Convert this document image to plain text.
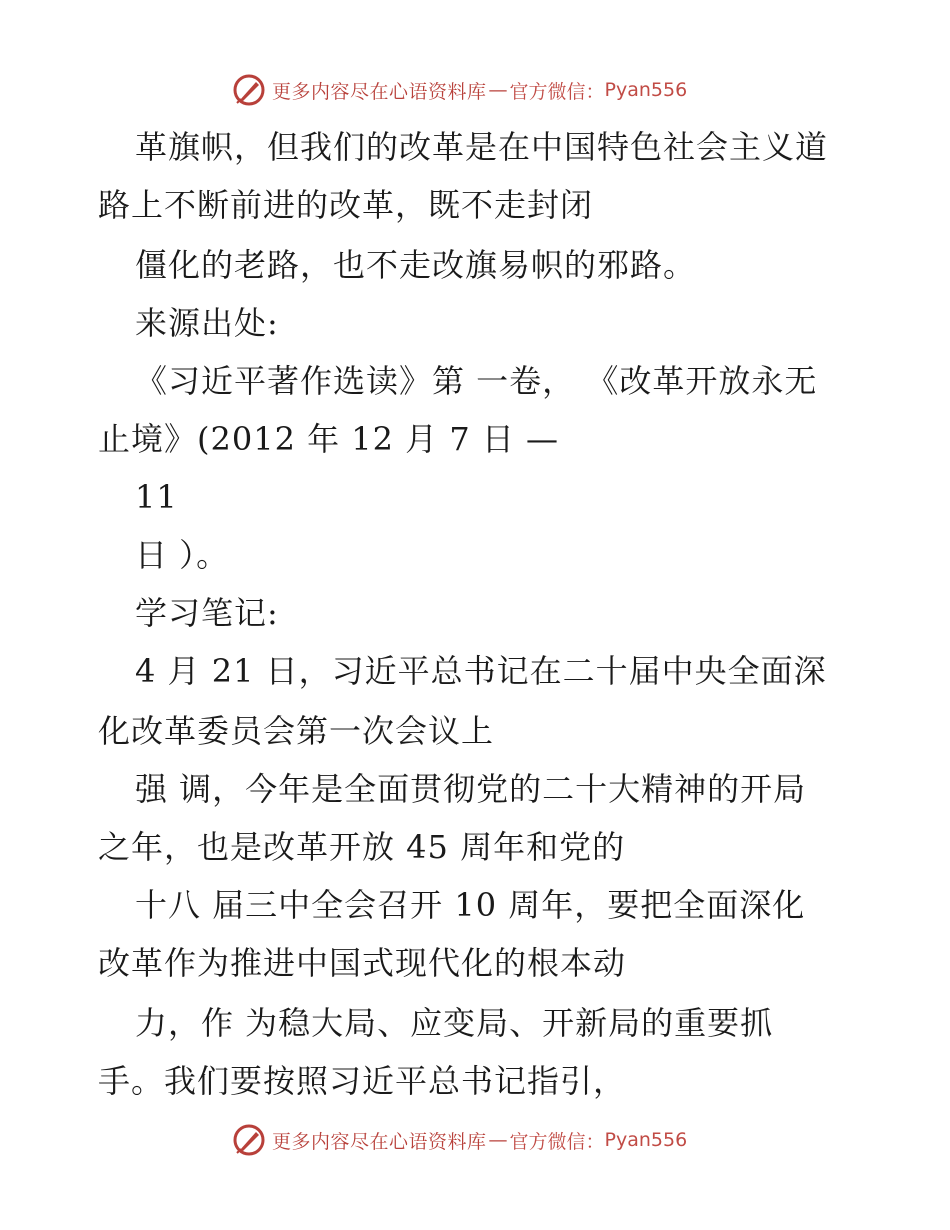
更多内容尽在心语资料库 — 官方微信： Pyan556
革旗帜，但我们的改革是在中国特色社会主义道
路上不断前进的改革，既不走封闭
僵化的老路，也不走改旗易帜的邪路。
来源出处:
《习近平著作选读》第 一卷， 《改革开放永无
止境》(2012 年 12 月 7 日 —
11
日 ）。
学习笔记:
4 月 21 日，习近平总书记在二十届中央全面深
化改革委员会第一次会议上
强 调，今年是全面贯彻党的二十大精神的开局
之年，也是改革开放 45 周年和党的
十八 届三中全会召开 10 周年，要把全面深化
改革作为推进中国式现代化的根本动
力，作 为稳大局、应变局、开新局的重要抓
手。我们要按照习近平总书记指引，
更多内容尽在心语资料库 — 官方微信： Pyan556
